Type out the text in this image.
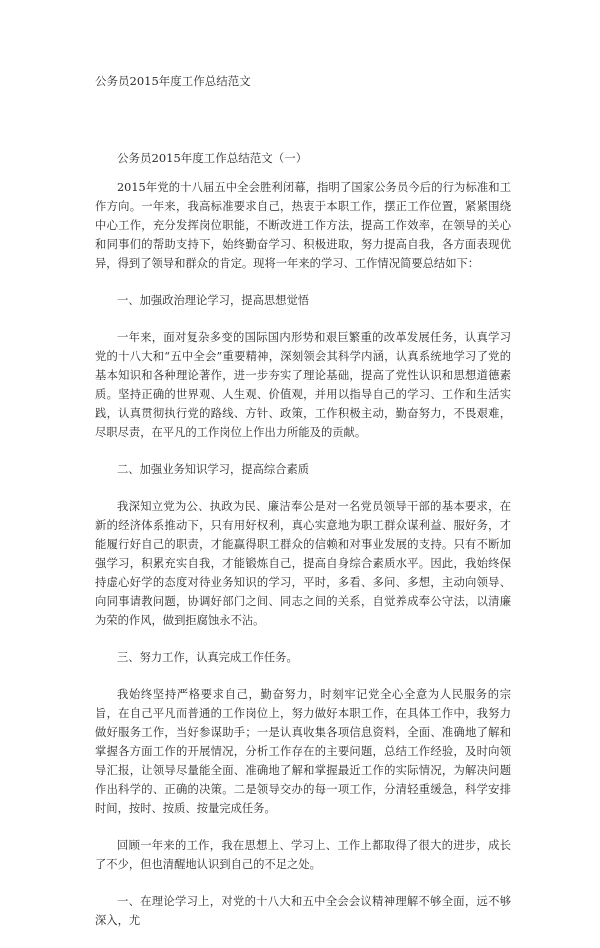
公务员2015年度工作总结范文
公务员2015年度工作总结范文（一）

2015年党的十八届五中全会胜利闭幕，指明了国家公务员今后的行为标准和工作方向。一年来，我高标准要求自己，热衷于本职工作，摆正工作位置，紧紧围绕中心工作，充分发挥岗位职能，不断改进工作方法，提高工作效率，在领导的关心和同事们的帮助支持下，始终勤奋学习、积极进取，努力提高自我，各方面表现优异，得到了领导和群众的肯定。现将一年来的学习、工作情况简要总结如下：

一、加强政治理论学习，提高思想觉悟

一年来，面对复杂多变的国际国内形势和艰巨繁重的改革发展任务，认真学习党的十八大和“五中全会”重要精神，深刻领会其科学内涵，认真系统地学习了党的基本知识和各种理论著作，进一步夯实了理论基础，提高了党性认识和思想道德素质。坚持正确的世界观、人生观、价值观，并用以指导自己的学习、工作和生活实践，认真贯彻执行党的路线、方针、政策，工作积极主动，勤奋努力，不畏艰难，尽职尽责，在平凡的工作岗位上作出力所能及的贡献。

二、加强业务知识学习，提高综合素质

我深知立党为公、执政为民、廉洁奉公是对一名党员领导干部的基本要求，在新的经济体系推动下，只有用好权利，真心实意地为职工群众谋利益、服好务，才能履行好自己的职责，才能赢得职工群众的信赖和对事业发展的支持。只有不断加强学习，积累充实自我，才能锻炼自己，提高自身综合素质水平。因此，我始终保持虚心好学的态度对待业务知识的学习，平时，多看、多问、多想，主动向领导、向同事请教问题，协调好部门之间、同志之间的关系，自觉养成奉公守法，以清廉为荣的作风，做到拒腐蚀永不沾。

三、努力工作，认真完成工作任务。

我始终坚持严格要求自己，勤奋努力，时刻牢记党全心全意为人民服务的宗旨，在自己平凡而普通的工作岗位上，努力做好本职工作，在具体工作中，我努力做好服务工作，当好参谋助手；一是认真收集各项信息资料，全面、准确地了解和掌握各方面工作的开展情况，分析工作存在的主要问题，总结工作经验，及时向领导汇报，让领导尽量能全面、准确地了解和掌握最近工作的实际情况，为解决问题作出科学的、正确的决策。二是领导交办的每一项工作，分清轻重缓急，科学安排时间，按时、按质、按量完成任务。

回顾一年来的工作，我在思想上、学习上、工作上都取得了很大的进步，成长了不少，但也清醒地认识到自己的不足之处。

一、在理论学习上，对党的十八大和五中全会会议精神理解不够全面，远不够深入，尤
